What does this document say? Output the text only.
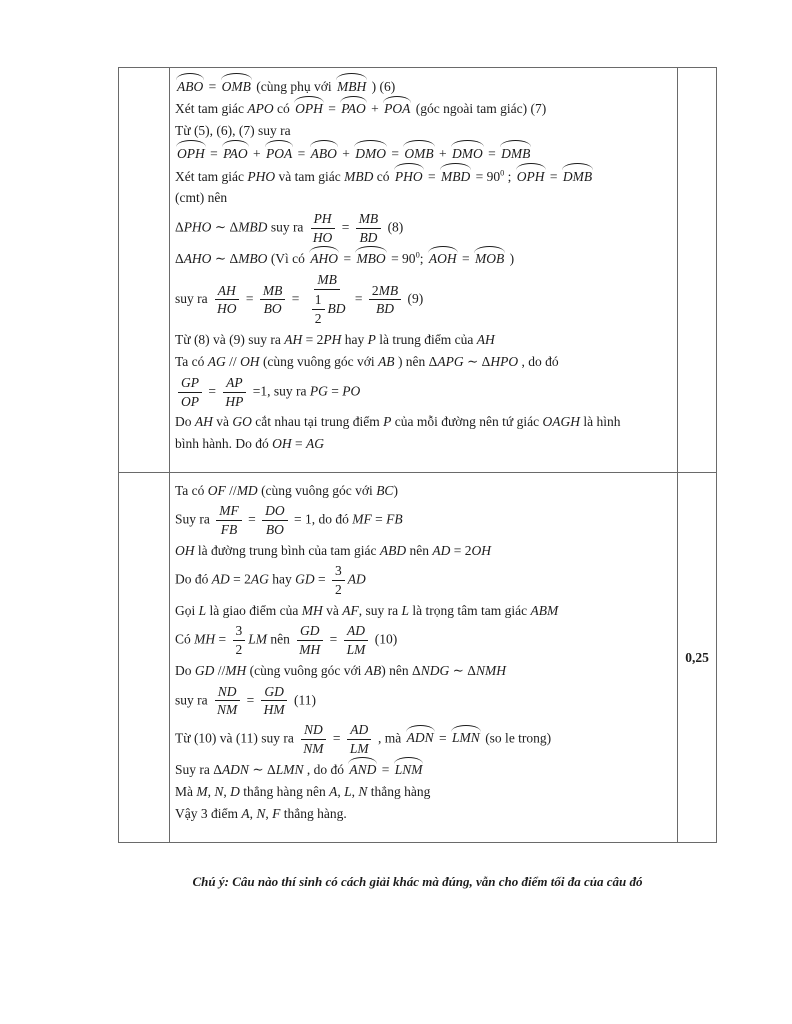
ABO = OMB (cùng phụ với MBH ) (6)
Xét tam giác APO có OPH = PAO + POA (góc ngoài tam giác) (7)
Từ (5), (6), (7) suy ra
OPH = PAO + POA = ABO + DMO = OMB + DMO = DMB
Xét tam giác PHO và tam giác MBD có PHO = MBD = $90^0$ ; OPH = DMB
(cmt) nên
ΔPHO ∼ ΔMBD suy ra $\frac{PH}{HO} = \frac{MB}{BD} (8)$
ΔAHO ∼ ΔMBO (Vì có AHO = MBO = $90^0$; AOH = MOB )
suy ra $\frac{AH}{HO} = \frac{MB}{BO}$ = MB
1
2
BD = $\frac{2 MB}{BD} (9)$
Từ (8) và (9) suy ra AH = 2PH hay P là trung điểm của AH
Ta có AG // OH (cùng vuông góc với AB ) nên ΔAPG ∼ ΔHPO , do đó
$\frac{GP}{OP} = \frac{AP}{HP} =1$, suy ra PG = PO
Do AH và GO cắt nhau tại trung điểm P của mỗi đường nên tứ giác OAGH là hình
bình hành. Do đó OH = AG
Ta có OF //MD (cùng vuông góc với BC)
Suy ra $\frac{MF}{FB} = \frac{DO}{BO} = 1$, do đó MF = FB
OH là đường trung bình của tam giác ABD nên AD = 2OH
Do đó AD = 2AG hay GD = $\frac{3}{2}$ AD
Gọi L là giao điểm của MH và AF, suy ra L là trọng tâm tam giác ABM
Có MH = $\frac{3}{2}$ LM nên $\frac{GD}{MH} = \frac{AD}{LM} (10)$
Do GD //MH (cùng vuông góc với AB) nên ΔNDG ∼ ΔNMH
suy ra $\frac{ND}{NM} = \frac{GD}{HM} (11)$
Từ (10) và (11) suy ra $\frac{ND}{NM} = \frac{AD}{LM}$ , mà ADN = LMN (so le trong)
Suy ra ΔADN ∼ ΔLMN , do đó AND = LNM
Mà M, N, D thẳng hàng nên A, L, N thẳng hàng
Vậy 3 điểm A, N, F thẳng hàng.
0,25
Chú ý: Câu nào thí sinh có cách giải khác mà đúng, vẫn cho điểm tối đa của câu đó
